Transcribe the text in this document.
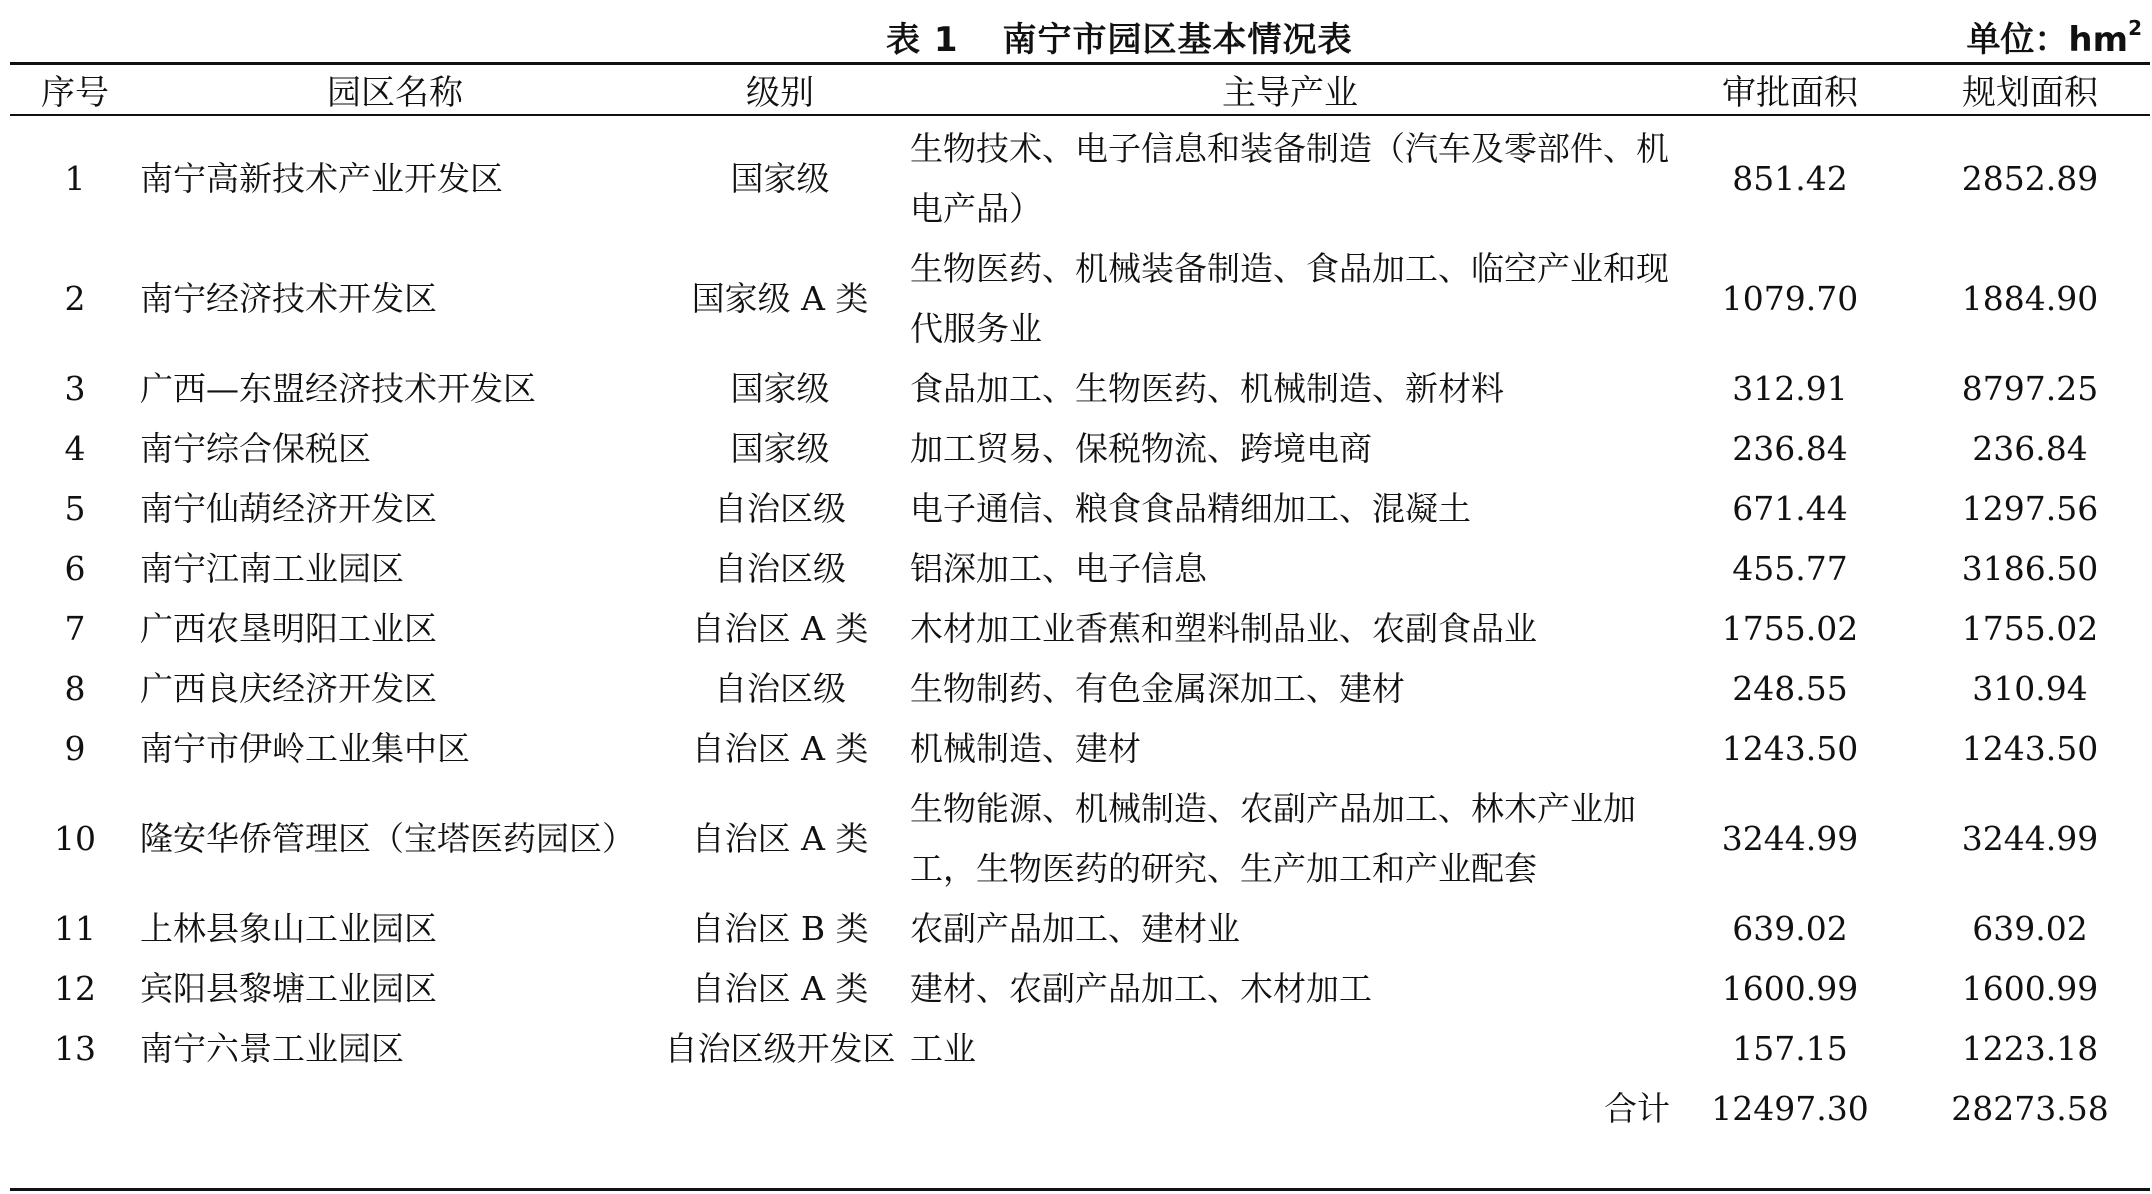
表 1 南宁市园区基本情况表	单位：$hm^2$
序号	园区名称	级别	主导产业	审批面积	规划面积

1	南宁高新技术产业开发区	国家级	生物技术、电子信息和装备制造（汽车及零部件、机电产品）	851.42	2852.89
2	南宁经济技术开发区	国家级 A 类	生物医药、机械装备制造、食品加工、临空产业和现代服务业	1079.70	1884.90
3	广西—东盟经济技术开发区	国家级	食品加工、生物医药、机械制造、新材料	312.91	8797.25
4	南宁综合保税区	国家级	加工贸易、保税物流、跨境电商	236.84	236.84
5	南宁仙葫经济开发区	自治区级	电子通信、粮食食品精细加工、混凝土	671.44	1297.56
6	南宁江南工业园区	自治区级	铝深加工、电子信息	455.77	3186.50
7	广西农垦明阳工业区	自治区 A 类	木材加工业香蕉和塑料制品业、农副食品业	1755.02	1755.02
8	广西良庆经济开发区	自治区级	生物制药、有色金属深加工、建材	248.55	310.94
9	南宁市伊岭工业集中区	自治区 A 类	机械制造、建材	1243.50	1243.50
10	隆安华侨管理区（宝塔医药园区）	自治区 A 类	生物能源、机械制造、农副产品加工、林木产业加工，生物医药的研究、生产加工和产业配套	3244.99	3244.99
11	上林县象山工业园区	自治区 B 类	农副产品加工、建材业	639.02	639.02
12	宾阳县黎塘工业园区	自治区 A 类	建材、农副产品加工、木材加工	1600.99	1600.99
13	南宁六景工业园区	自治区级开发区	工业	157.15	1223.18
合计				12497.30	28273.58
